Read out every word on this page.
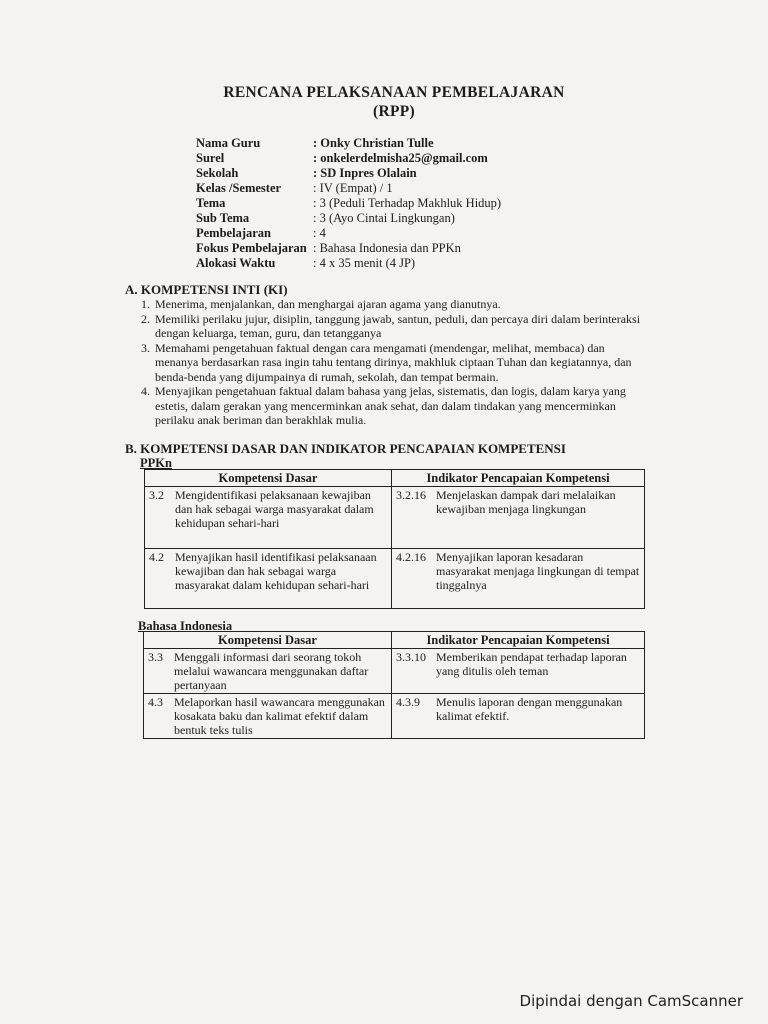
RENCANA PELAKSANAAN PEMBELAJARAN
(RPP)
Nama Guru	: Onky Christian Tulle
Surel	: onkelerdelmisha25@gmail.com
Sekolah	: SD Inpres Olalain
Kelas /Semester	: IV (Empat) / 1
Tema	: 3 (Peduli Terhadap Makhluk Hidup)
Sub Tema	: 3 (Ayo Cintai Lingkungan)
Pembelajaran	: 4
Fokus Pembelajaran : Bahasa Indonesia dan PPKn
Alokasi Waktu	: 4 x 35 menit (4 JP)
A. KOMPETENSI INTI (KI)
1. Menerima, menjalankan, dan menghargai ajaran agama yang dianutnya.
2. Memiliki perilaku jujur, disiplin, tanggung jawab, santun, peduli, dan percaya diri dalam berinteraksi dengan keluarga, teman, guru, dan tetangganya
3. Memahami pengetahuan faktual dengan cara mengamati (mendengar, melihat, membaca) dan menanya berdasarkan rasa ingin tahu tentang dirinya, makhluk ciptaan Tuhan dan kegiatannya, dan benda-benda yang dijumpainya di rumah, sekolah, dan tempat bermain.
4. Menyajikan pengetahuan faktual dalam bahasa yang jelas, sistematis, dan logis, dalam karya yang estetis, dalam gerakan yang mencerminkan anak sehat, dan dalam tindakan yang mencerminkan perilaku anak beriman dan berakhlak mulia.
B. KOMPETENSI DASAR DAN INDIKATOR PENCAPAIAN KOMPETENSI
PPKn
Kompetensi Dasar	Indikator Pencapaian Kompetensi

3.2 Mengidentifikasi pelaksanaan kewajiban dan hak sebagai warga masyarakat dalam kehidupan sehari-hari	3.2.16 Menjelaskan dampak dari melalaikan kewajiban menjaga lingkungan

4.2 Menyajikan hasil identifikasi pelaksanaan kewajiban dan hak sebagai warga masyarakat dalam kehidupan sehari-hari	4.2.16 Menyajikan laporan kesadaran masyarakat menjaga lingkungan di tempat tinggalnya
Bahasa Indonesia
Kompetensi Dasar	Indikator Pencapaian Kompetensi

3.3 Menggali informasi dari seorang tokoh melalui wawancara menggunakan daftar pertanyaan	3.3.10 Memberikan pendapat terhadap laporan yang ditulis oleh teman

4.3 Melaporkan hasil wawancara menggunakan kosakata baku dan kalimat efektif dalam bentuk teks tulis	4.3.9 Menulis laporan dengan menggunakan kalimat efektif.
Dipindai dengan CamScanner
